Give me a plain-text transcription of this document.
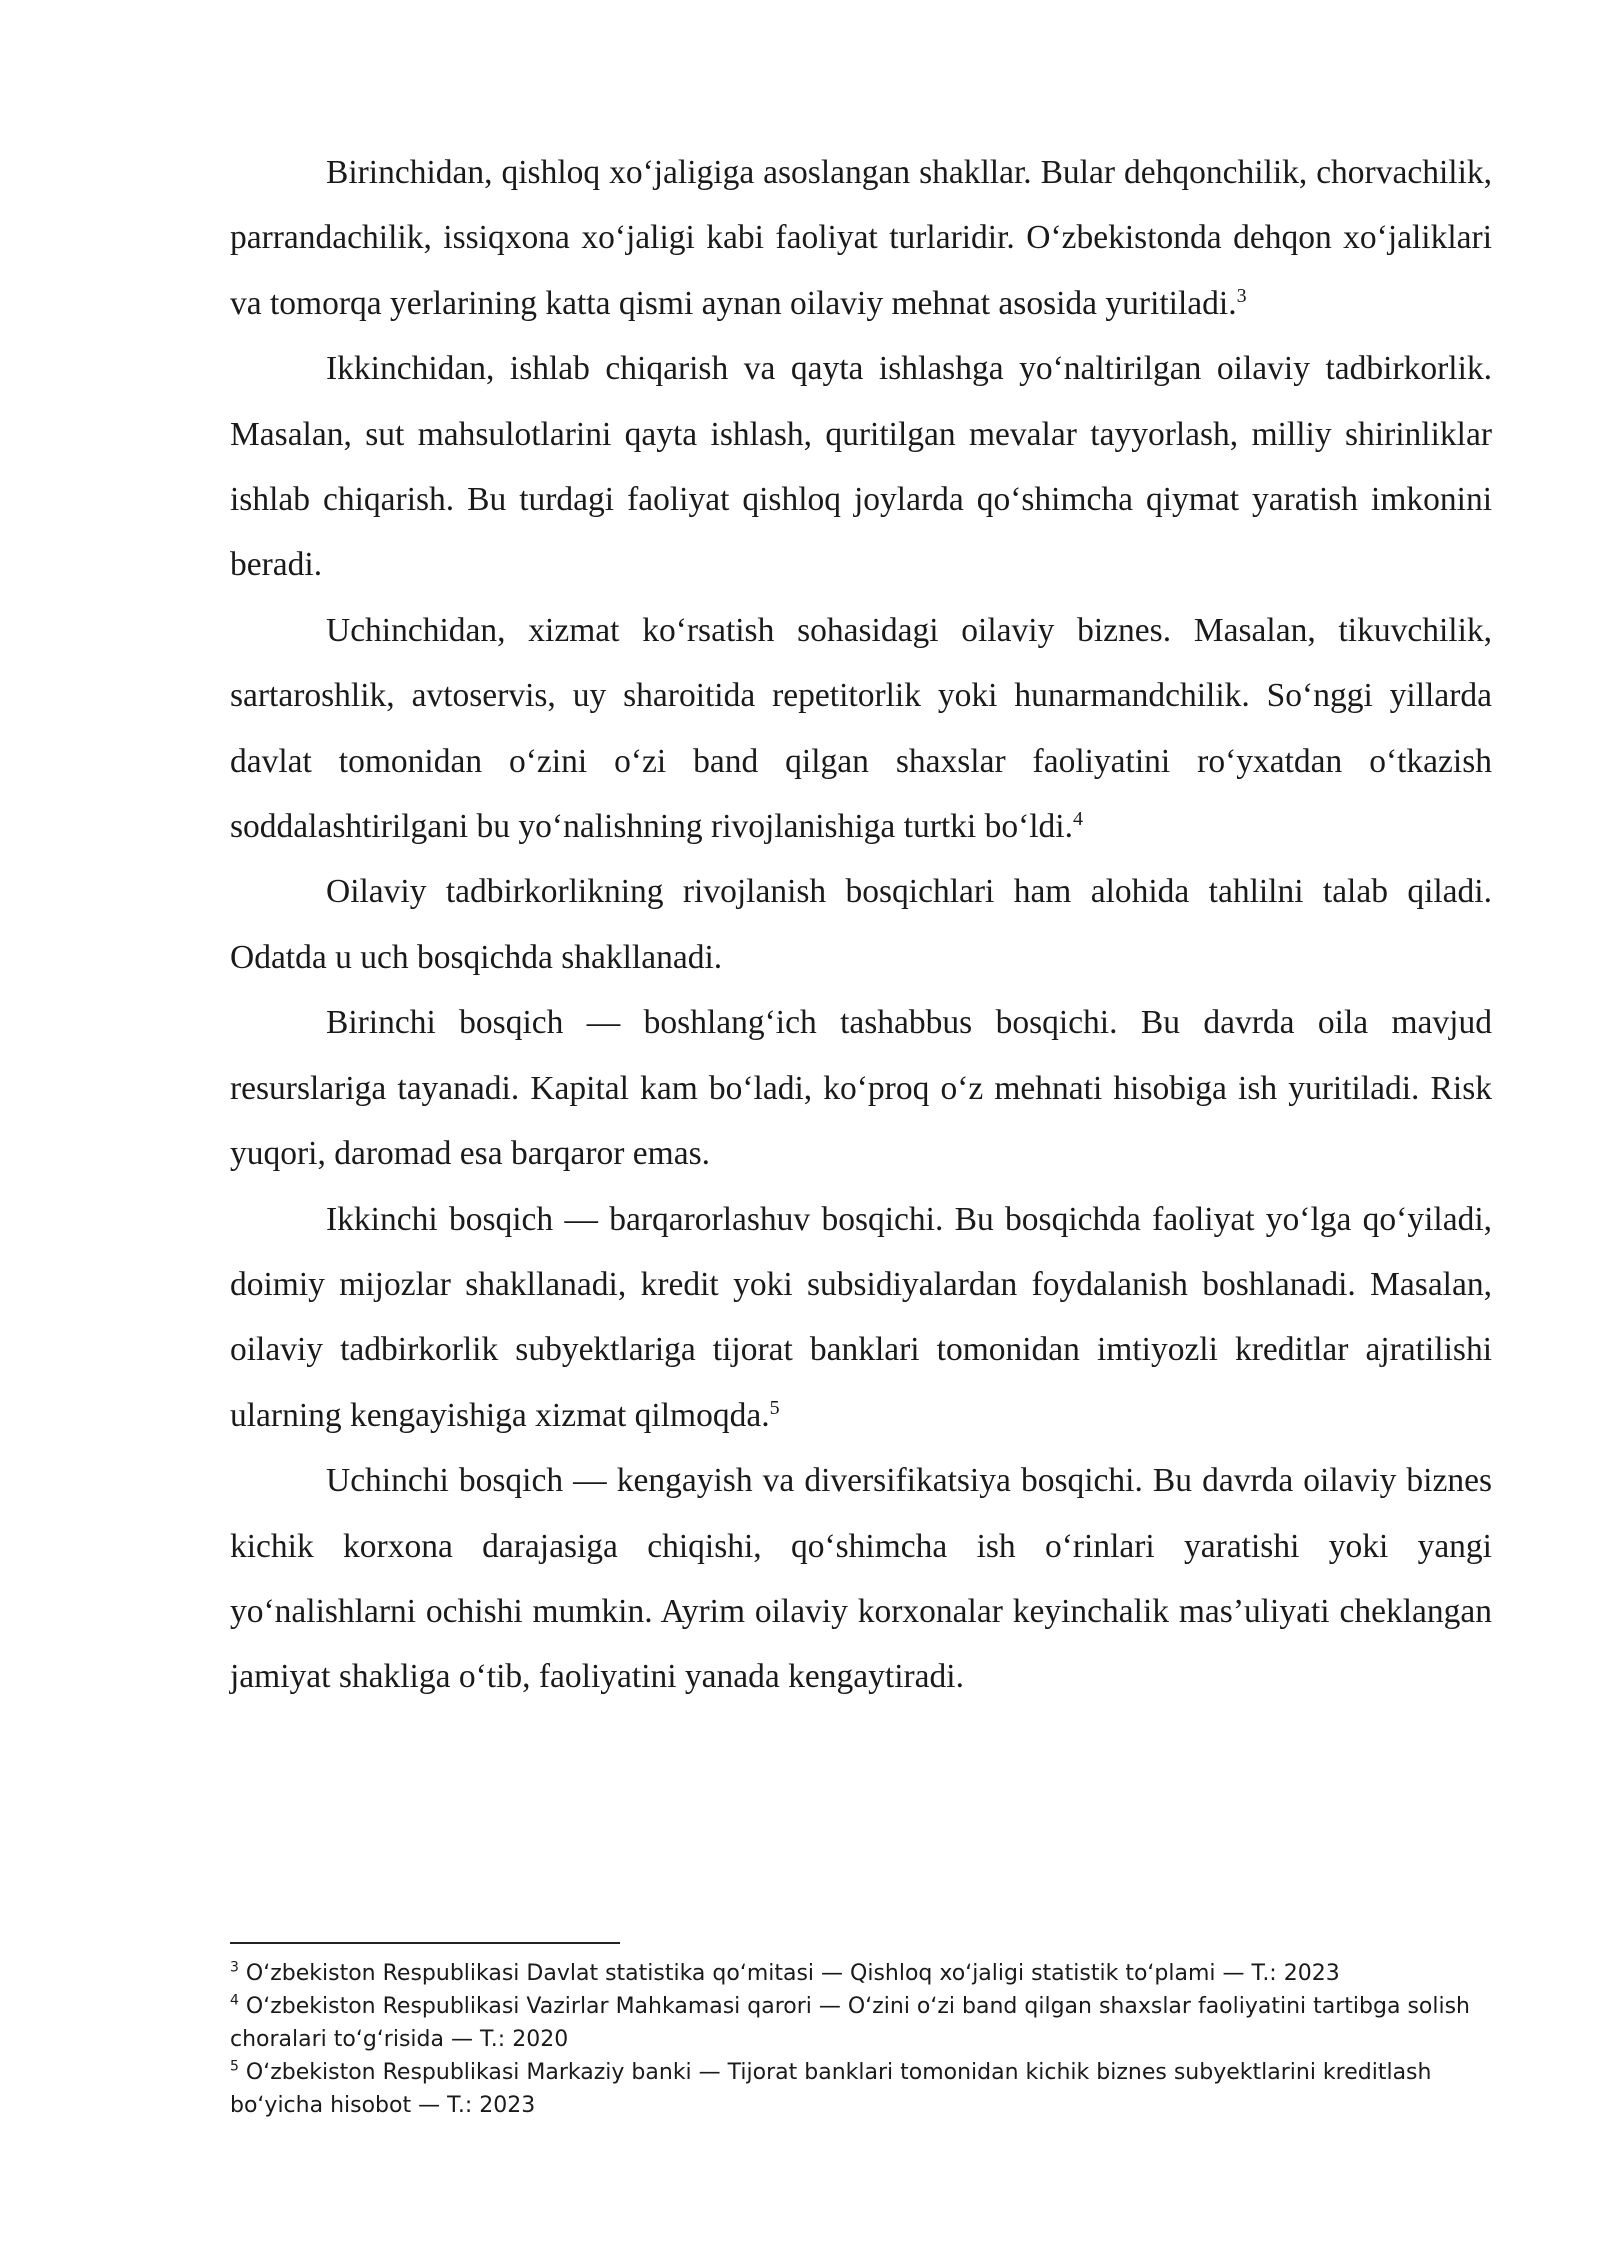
Birinchidan, qishloq xoʻjaligiga asoslangan shakllar. Bular dehqonchilik, chorvachilik, parrandachilik, issiqxona xoʻjaligi kabi faoliyat turlaridir. Oʻzbekistonda dehqon xoʻjaliklari va tomorqa yerlarining katta qismi aynan oilaviy mehnat asosida yuritiladi.$^3$

Ikkinchidan, ishlab chiqarish va qayta ishlashga yoʻnaltirilgan oilaviy tadbirkorlik. Masalan, sut mahsulotlarini qayta ishlash, quritilgan mevalar tayyorlash, milliy shirinliklar ishlab chiqarish. Bu turdagi faoliyat qishloq joylarda qoʻshimcha qiymat yaratish imkonini beradi.

Uchinchidan, xizmat koʻrsatish sohasidagi oilaviy biznes. Masalan, tikuvchilik, sartaroshlik, avtoservis, uy sharoitida repetitorlik yoki hunarmandchilik. Soʻnggi yillarda davlat tomonidan oʻzini oʻzi band qilgan shaxslar faoliyatini roʻyxatdan oʻtkazish soddalashtirilgani bu yoʻnalishning rivojlanishiga turtki boʻldi.$^4$

Oilaviy tadbirkorlikning rivojlanish bosqichlari ham alohida tahlilni talab qiladi. Odatda u uch bosqichda shakllanadi.

Birinchi bosqich — boshlangʻich tashabbus bosqichi. Bu davrda oila mavjud resurslariga tayanadi. Kapital kam boʻladi, koʻproq oʻz mehnati hisobiga ish yuritiladi. Risk yuqori, daromad esa barqaror emas.

Ikkinchi bosqich — barqarorlashuv bosqichi. Bu bosqichda faoliyat yoʻlga qoʻyiladi, doimiy mijozlar shakllanadi, kredit yoki subsidiyalardan foydalanish boshlanadi. Masalan, oilaviy tadbirkorlik subyektlariga tijorat banklari tomonidan imtiyozli kreditlar ajratilishi ularning kengayishiga xizmat qilmoqda.$^5$

Uchinchi bosqich — kengayish va diversifikatsiya bosqichi. Bu davrda oilaviy biznes kichik korxona darajasiga chiqishi, qoʻshimcha ish oʻrinlari yaratishi yoki yangi yoʻnalishlarni ochishi mumkin. Ayrim oilaviy korxonalar keyinchalik mas’uliyati cheklangan jamiyat shakliga oʻtib, faoliyatini yanada kengaytiradi.

$^3$ Oʻzbekiston Respublikasi Davlat statistika qoʻmitasi — Qishloq xoʻjaligi statistik toʻplami — T.: 2023

$^4$ Oʻzbekiston Respublikasi Vazirlar Mahkamasi qarori — Oʻzini oʻzi band qilgan shaxslar faoliyatini tartibga solish choralari toʻgʻrisida — T.: 2020

$^5$ Oʻzbekiston Respublikasi Markaziy banki — Tijorat banklari tomonidan kichik biznes subyektlarini kreditlash boʻyicha hisobot — T.: 2023
